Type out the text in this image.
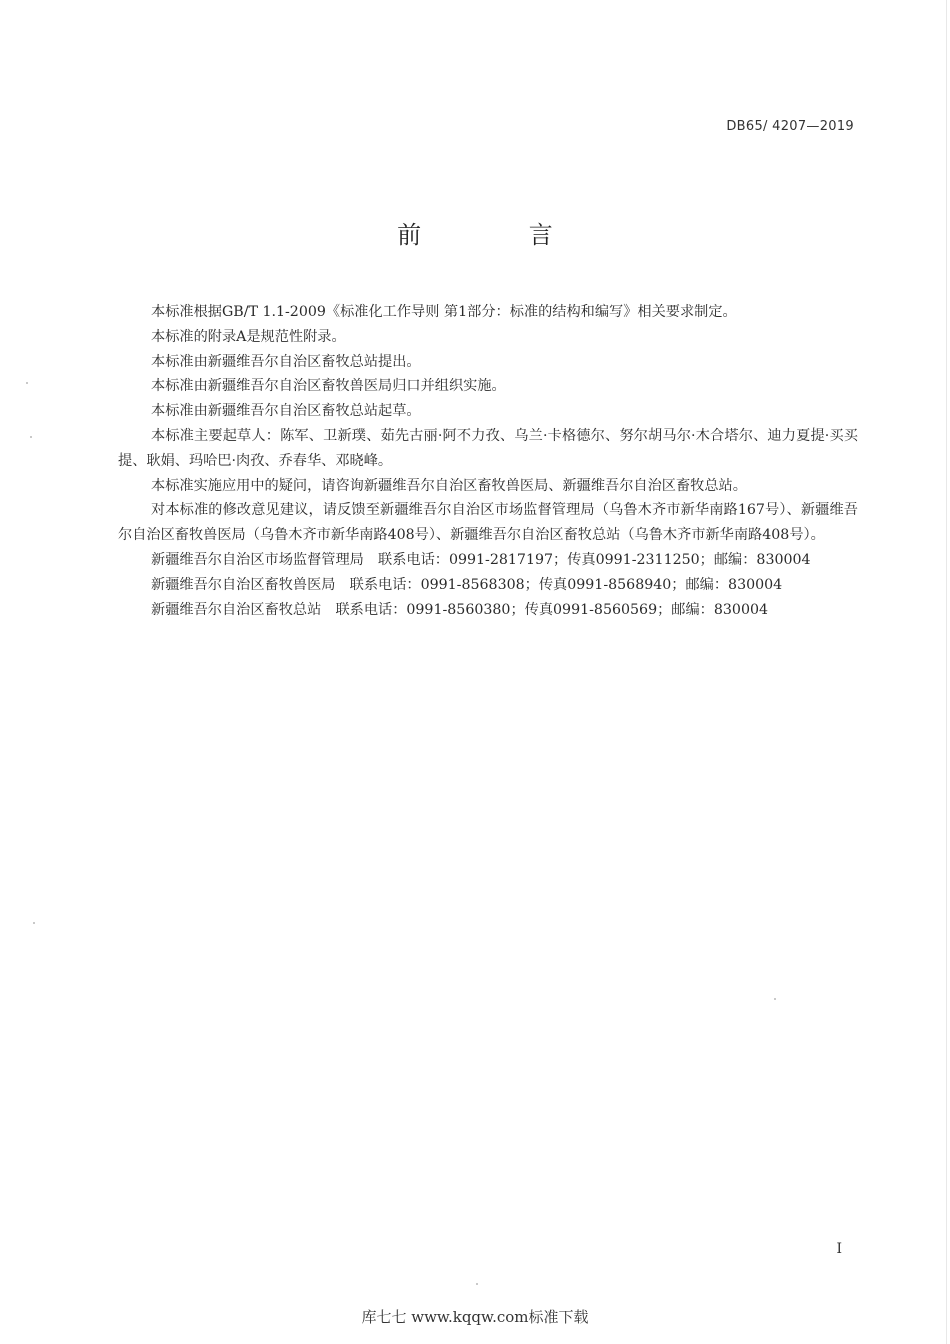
DB65/ 4207—2019
前 言

本标准根据GB/T 1.1-2009《标准化工作导则 第1部分：标准的结构和编写》相关要求制定。

本标准的附录A是规范性附录。

本标准由新疆维吾尔自治区畜牧总站提出。

本标准由新疆维吾尔自治区畜牧兽医局归口并组织实施。

本标准由新疆维吾尔自治区畜牧总站起草。

本标准主要起草人：陈军、卫新璞、茹先古丽·阿不力孜、乌兰·卡格德尔、努尔胡马尔·木合塔尔、迪力夏提·买买提、耿娟、玛哈巴·肉孜、乔春华、邓晓峰。

本标准实施应用中的疑问，请咨询新疆维吾尔自治区畜牧兽医局、新疆维吾尔自治区畜牧总站。

对本标准的修改意见建议，请反馈至新疆维吾尔自治区市场监督管理局（乌鲁木齐市新华南路167号）、新疆维吾尔自治区畜牧兽医局（乌鲁木齐市新华南路408号）、新疆维吾尔自治区畜牧总站（乌鲁木齐市新华南路408号）。

新疆维吾尔自治区市场监督管理局　联系电话：0991-2817197；传真0991-2311250；邮编：830004
新疆维吾尔自治区畜牧兽医局　联系电话：0991-8568308；传真0991-8568940；邮编：830004
新疆维吾尔自治区畜牧总站　联系电话：0991-8560380；传真0991-8560569；邮编：830004
I
库七七 www.kqqw.com标准下载
